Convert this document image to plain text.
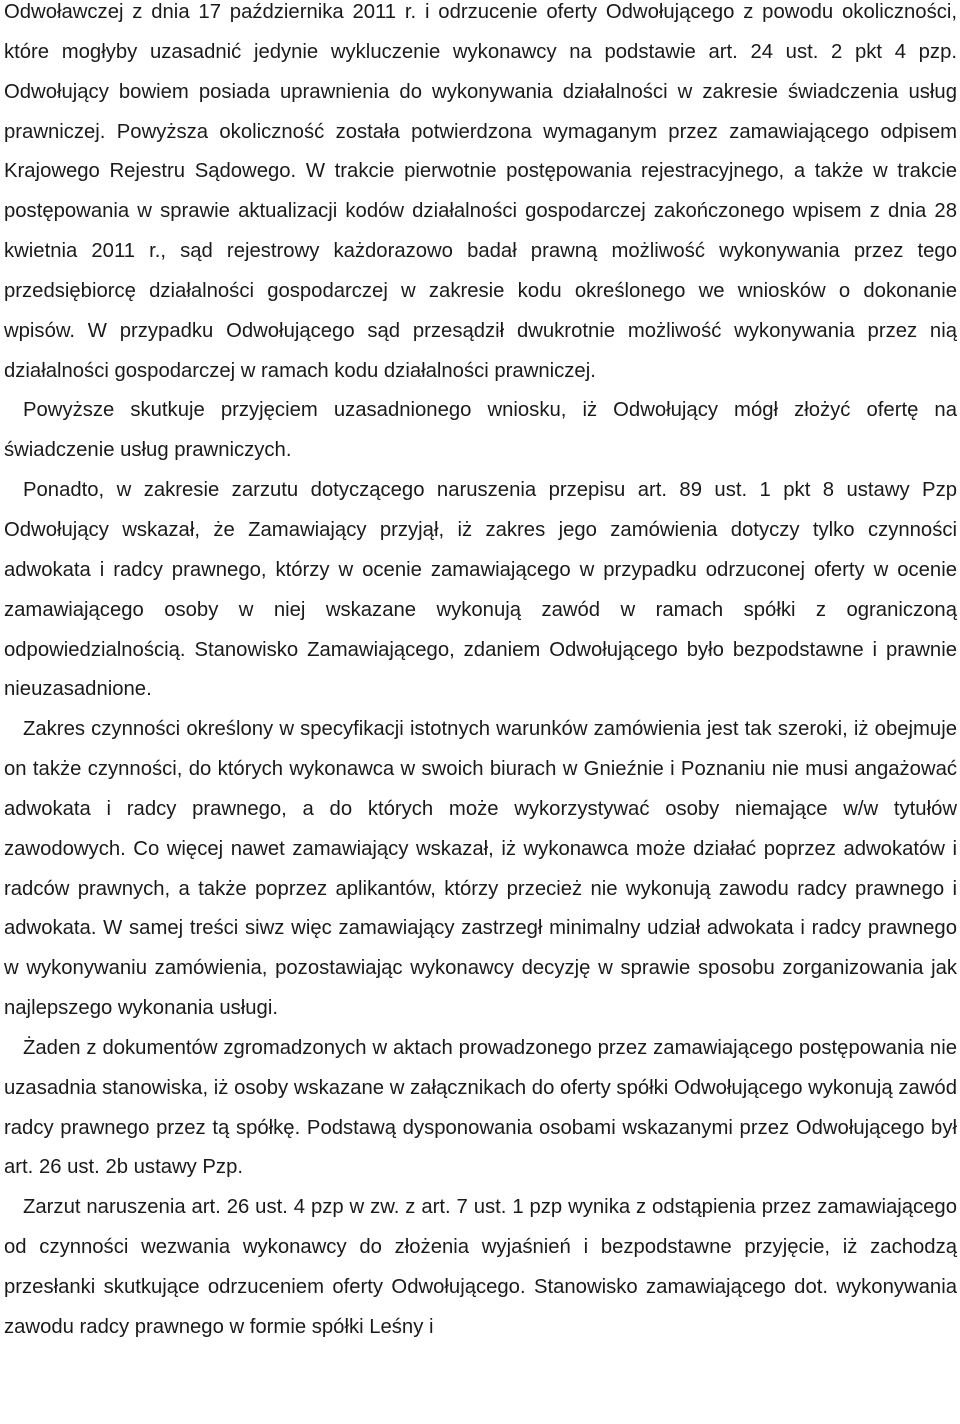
Odwoławczej z dnia 17 października 2011 r. i odrzucenie oferty Odwołującego z powodu okoliczności, które mogłyby uzasadnić jedynie wykluczenie wykonawcy na podstawie art. 24 ust. 2 pkt 4 pzp. Odwołujący bowiem posiada uprawnienia do wykonywania działalności w zakresie świadczenia usług prawniczej. Powyższa okoliczność została potwierdzona wymaganym przez zamawiającego odpisem Krajowego Rejestru Sądowego. W trakcie pierwotnie postępowania rejestracyjnego, a także w trakcie postępowania w sprawie aktualizacji kodów działalności gospodarczej zakończonego wpisem z dnia 28 kwietnia 2011 r., sąd rejestrowy każdorazowo badał prawną możliwość wykonywania przez tego przedsiębiorcę działalności gospodarczej w zakresie kodu określonego we wniosków o dokonanie wpisów. W przypadku Odwołującego sąd przesądził dwukrotnie możliwość wykonywania przez nią działalności gospodarczej w ramach kodu działalności prawniczej.

Powyższe skutkuje przyjęciem uzasadnionego wniosku, iż Odwołujący mógł złożyć ofertę na świadczenie usług prawniczych.

Ponadto, w zakresie zarzutu dotyczącego naruszenia przepisu art. 89 ust. 1 pkt 8 ustawy Pzp Odwołujący wskazał, że Zamawiający przyjął, iż zakres jego zamówienia dotyczy tylko czynności adwokata i radcy prawnego, którzy w ocenie zamawiającego w przypadku odrzuconej oferty w ocenie zamawiającego osoby w niej wskazane wykonują zawód w ramach spółki z ograniczoną odpowiedzialnością. Stanowisko Zamawiającego, zdaniem Odwołującego było bezpodstawne i prawnie nieuzasadnione.

Zakres czynności określony w specyfikacji istotnych warunków zamówienia jest tak szeroki, iż obejmuje on także czynności, do których wykonawca w swoich biurach w Gnieźnie i Poznaniu nie musi angażować adwokata i radcy prawnego, a do których może wykorzystywać osoby niemające w/w tytułów zawodowych. Co więcej nawet zamawiający wskazał, iż wykonawca może działać poprzez adwokatów i radców prawnych, a także poprzez aplikantów, którzy przecież nie wykonują zawodu radcy prawnego i adwokata. W samej treści siwz więc zamawiający zastrzegł minimalny udział adwokata i radcy prawnego w wykonywaniu zamówienia, pozostawiając wykonawcy decyzję w sprawie sposobu zorganizowania jak najlepszego wykonania usługi.

Żaden z dokumentów zgromadzonych w aktach prowadzonego przez zamawiającego postępowania nie uzasadnia stanowiska, iż osoby wskazane w załącznikach do oferty spółki Odwołującego wykonują zawód radcy prawnego przez tą spółkę. Podstawą dysponowania osobami wskazanymi przez Odwołującego był art. 26 ust. 2b ustawy Pzp.

Zarzut naruszenia art. 26 ust. 4 pzp w zw. z art. 7 ust. 1 pzp wynika z odstąpienia przez zamawiającego od czynności wezwania wykonawcy do złożenia wyjaśnień i bezpodstawne przyjęcie, iż zachodzą przesłanki skutkujące odrzuceniem oferty Odwołującego. Stanowisko zamawiającego dot. wykonywania zawodu radcy prawnego w formie spółki Leśny i
